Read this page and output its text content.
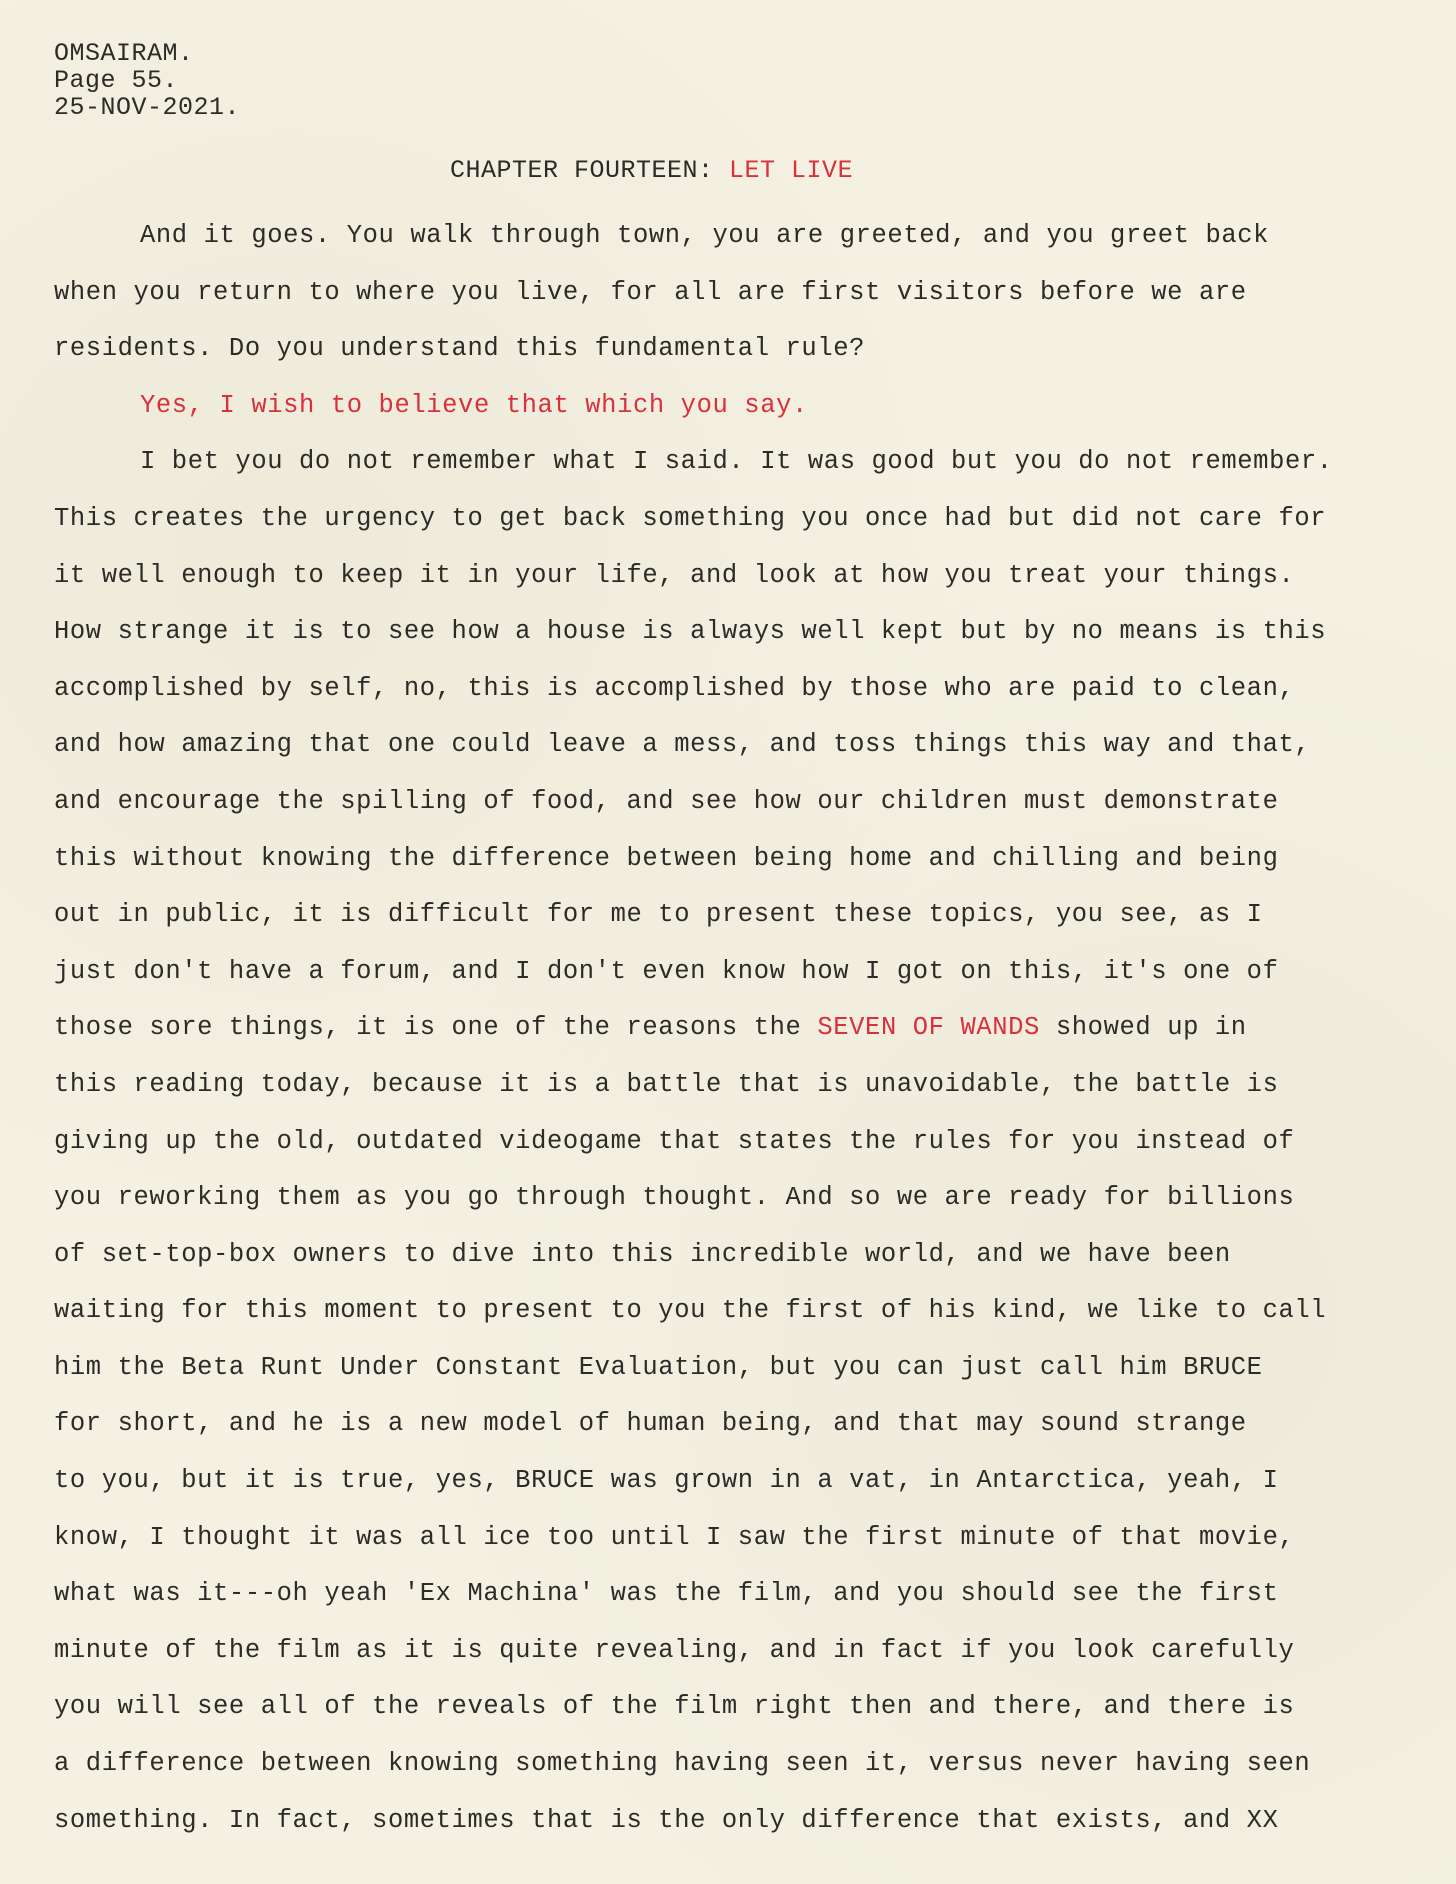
OMSAIRAM.
Page 55.
25-NOV-2021.
CHAPTER FOURTEEN: LET LIVE
And it goes. You walk through town, you are greeted, and you greet back
when you return to where you live, for all are first visitors before we are
residents. Do you understand this fundamental rule?
Yes, I wish to believe that which you say.
I bet you do not remember what I said. It was good but you do not remember.
This creates the urgency to get back something you once had but did not care for
it well enough to keep it in your life, and look at how you treat your things.
How strange it is to see how a house is always well kept but by no means is this
accomplished by self, no, this is accomplished by those who are paid to clean,
and how amazing that one could leave a mess, and toss things this way and that,
and encourage the spilling of food, and see how our children must demonstrate
this without knowing the difference between being home and chilling and being
out in public, it is difficult for me to present these topics, you see, as I
just don't have a forum, and I don't even know how I got on this, it's one of
those sore things, it is one of the reasons the SEVEN OF WANDS showed up in
this reading today, because it is a battle that is unavoidable, the battle is
giving up the old, outdated videogame that states the rules for you instead of
you reworking them as you go through thought. And so we are ready for billions
of set-top-box owners to dive into this incredible world, and we have been
waiting for this moment to present to you the first of his kind, we like to call
him the Beta Runt Under Constant Evaluation, but you can just call him BRUCE
for short, and he is a new model of human being, and that may sound strange
to you, but it is true, yes, BRUCE was grown in a vat, in Antarctica, yeah, I
know, I thought it was all ice too until I saw the first minute of that movie,
what was it---oh yeah 'Ex Machina' was the film, and you should see the first
minute of the film as it is quite revealing, and in fact if you look carefully
you will see all of the reveals of the film right then and there, and there is
a difference between knowing something having seen it, versus never having seen
something. In fact, sometimes that is the only difference that exists, and XX
